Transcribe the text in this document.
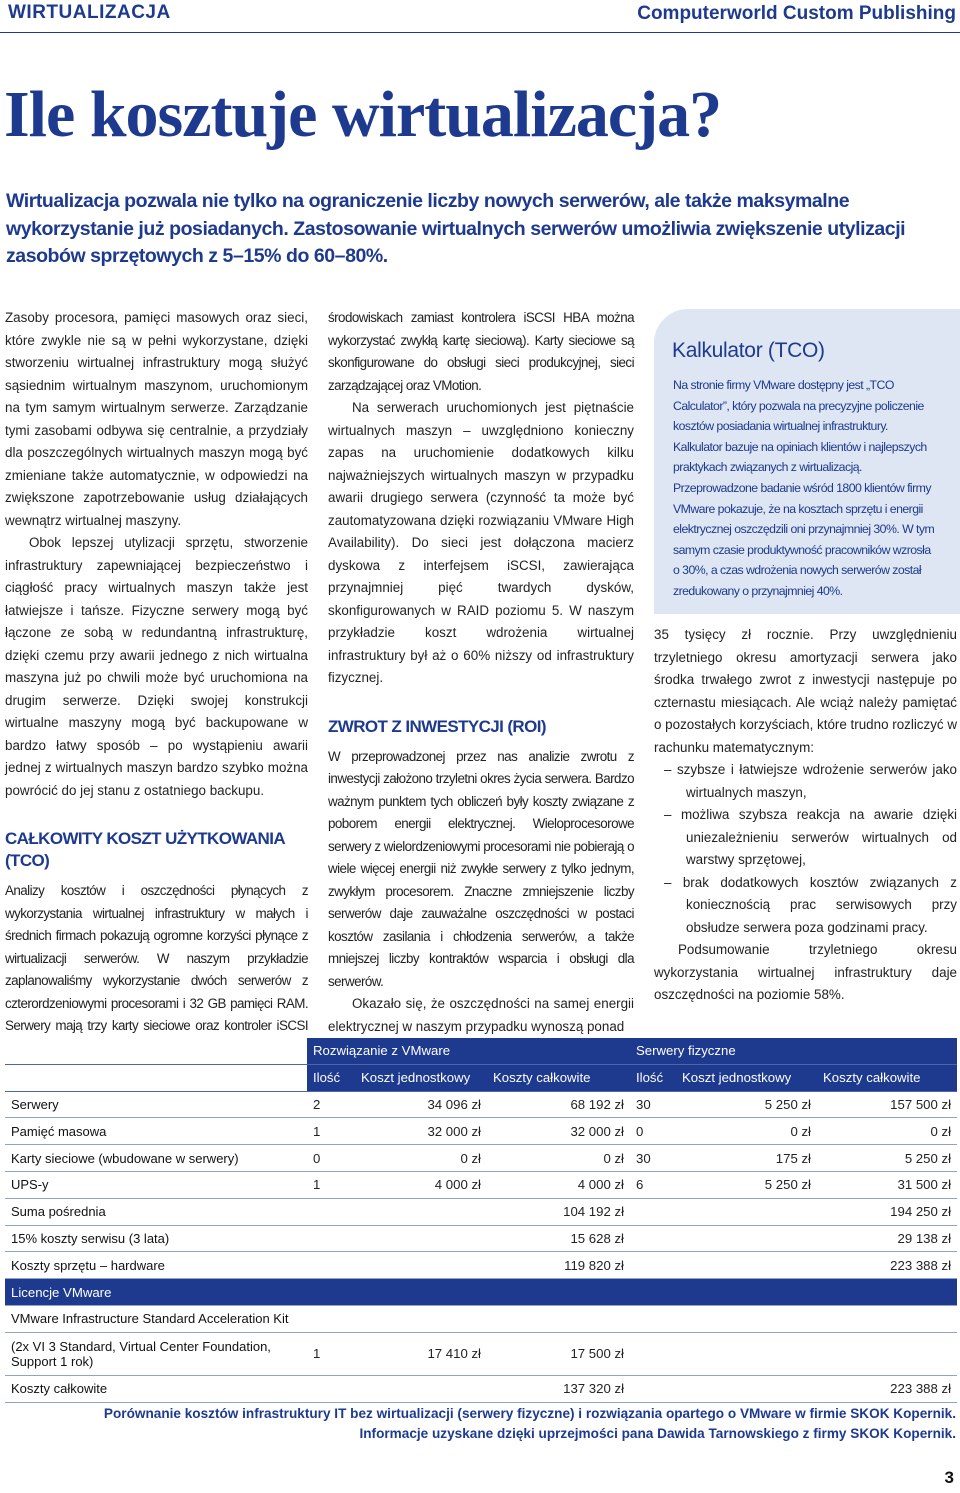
WIRTUALIZACJA	Computerworld Custom Publishing
Ile kosztuje wirtualizacja?
Wirtualizacja pozwala nie tylko na ograniczenie liczby nowych serwerów, ale także maksymalne wykorzystanie już posiadanych. Zastosowanie wirtualnych serwerów umożliwia zwiększenie utylizacji zasobów sprzętowych z 5–15% do 60–80%.

Zasoby procesora, pamięci masowych oraz sieci, które zwykle nie są w pełni wykorzystane, dzięki stworzeniu wirtualnej infrastruktury mogą służyć sąsiednim wirtualnym maszynom, uruchomionym na tym samym wirtualnym serwerze. Zarządzanie tymi zasobami odbywa się centralnie, a przydziały dla poszczególnych wirtualnych maszyn mogą być zmieniane także automatycznie, w odpowiedzi na zwiększone zapotrzebowanie usług działających wewnątrz wirtualnej maszyny.

Obok lepszej utylizacji sprzętu, stworzenie infrastruktury zapewniającej bezpieczeństwo i ciągłość pracy wirtualnych maszyn także jest łatwiejsze i tańsze. Fizyczne serwery mogą być łączone ze sobą w redundantną infrastrukturę, dzięki czemu przy awarii jednego z nich wirtualna maszyna już po chwili może być uruchomiona na drugim serwerze. Dzięki swojej konstrukcji wirtualne maszyny mogą być backupowane w bardzo łatwy sposób – po wystąpieniu awarii jednej z wirtualnych maszyn bardzo szybko można powrócić do jej stanu z ostatniego backupu.

CAŁKOWITY KOSZT UŻYTKOWANIA (TCO)

Analizy kosztów i oszczędności płynących z wykorzystania wirtualnej infrastruktury w małych i średnich firmach pokazują ogromne korzyści płynące z wirtualizacji serwerów. W naszym przykładzie zaplanowaliśmy wykorzystanie dwóch serwerów z czterordzeniowymi procesorami i 32 GB pamięci RAM. Serwery mają trzy karty sieciowe oraz kontroler iSCSI

środowiskach zamiast kontrolera iSCSI HBA można wykorzystać zwykłą kartę sieciową). Karty sieciowe są skonfigurowane do obsługi sieci produkcyjnej, sieci zarządzającej oraz VMotion.

Na serwerach uruchomionych jest piętnaście wirtualnych maszyn – uwzględniono konieczny zapas na uruchomienie dodatkowych kilku najważniejszych wirtualnych maszyn w przypadku awarii drugiego serwera (czynność ta może być zautomatyzowana dzięki rozwiązaniu VMware High Availability). Do sieci jest dołączona macierz dyskowa z interfejsem iSCSI, zawierająca przynajmniej pięć twardych dysków, skonfigurowanych w RAID poziomu 5. W naszym przykładzie koszt wdrożenia wirtualnej infrastruktury był aż o 60% niższy od infrastruktury fizycznej.

ZWROT Z INWESTYCJI (ROI)

W przeprowadzonej przez nas analizie zwrotu z inwestycji założono trzyletni okres życia serwera. Bardzo ważnym punktem tych obliczeń były koszty związane z poborem energii elektrycznej. Wieloprocesorowe serwery z wielordzeniowymi procesorami nie pobierają o wiele więcej energii niż zwykłe serwery z tylko jednym, zwykłym procesorem. Znaczne zmniejszenie liczby serwerów daje zauważalne oszczędności w postaci kosztów zasilania i chłodzenia serwerów, a także mniejszej liczby kontraktów wsparcia i obsługi dla serwerów.

Okazało się, że oszczędności na samej energii elektrycznej w naszym przypadku wynoszą ponad

Kalkulator (TCO)

Na stronie firmy VMware dostępny jest „TCO Calculator”, który pozwala na precyzyjne policzenie kosztów posiadania wirtualnej infrastruktury.

Kalkulator bazuje na opiniach klientów i najlepszych praktykach związanych z wirtualizacją.

Przeprowadzone badanie wśród 1800 klientów firmy VMware pokazuje, że na kosztach sprzętu i energii elektrycznej oszczędzili oni przynajmniej 30%. W tym samym czasie produktywność pracowników wzrosła o 30%, a czas wdrożenia nowych serwerów został zredukowany o przynajmniej 40%.

35 tysięcy zł rocznie. Przy uwzględnieniu trzyletniego okresu amortyzacji serwera jako środka trwałego zwrot z inwestycji następuje po czternastu miesiącach. Ale wciąż należy pamiętać o pozostałych korzyściach, które trudno rozliczyć w rachunku matematycznym:

– szybsze i łatwiejsze wdrożenie serwerów jako wirtualnych maszyn,
– możliwa szybsza reakcja na awarie dzięki uniezależnieniu serwerów wirtualnych od warstwy sprzętowej,
– brak dodatkowych kosztów związanych z koniecznością prac serwisowych przy obsłudze serwera poza godzinami pracy.

Podsumowanie trzyletniego okresu wykorzystania wirtualnej infrastruktury daje oszczędności na poziomie 58%.

	Rozwiązanie z VMware			Serwery fizyczne		
	Ilość	Koszt jednostkowy	Koszty całkowite	Ilość	Koszt jednostkowy	Koszty całkowite
Serwery	2	34 096 zł	68 192 zł	30	5 250 zł	157 500 zł
Pamięć masowa	1	32 000 zł	32 000 zł	0	0 zł	0 zł
Karty sieciowe (wbudowane w serwery)	0	0 zł	0 zł	30	175 zł	5 250 zł
UPS-y	1	4 000 zł	4 000 zł	6	5 250 zł	31 500 zł
Suma pośrednia			104 192 zł			194 250 zł
15% koszty serwisu (3 lata)			15 628 zł			29 138 zł
Koszty sprzętu – hardware			119 820 zł			223 388 zł
Licencje VMware						
VMware Infrastructure Standard Acceleration Kit						
(2x VI 3 Standard, Virtual Center Foundation, Support 1 rok)	1	17 410 zł	17 500 zł			
Koszty całkowite			137 320 zł			223 388 zł
Porównanie kosztów infrastruktury IT bez wirtualizacji (serwery fizyczne) i rozwiązania opartego o VMware w firmie SKOK Kopernik.
Informacje uzyskane dzięki uprzejmości pana Dawida Tarnowskiego z firmy SKOK Kopernik.
3
